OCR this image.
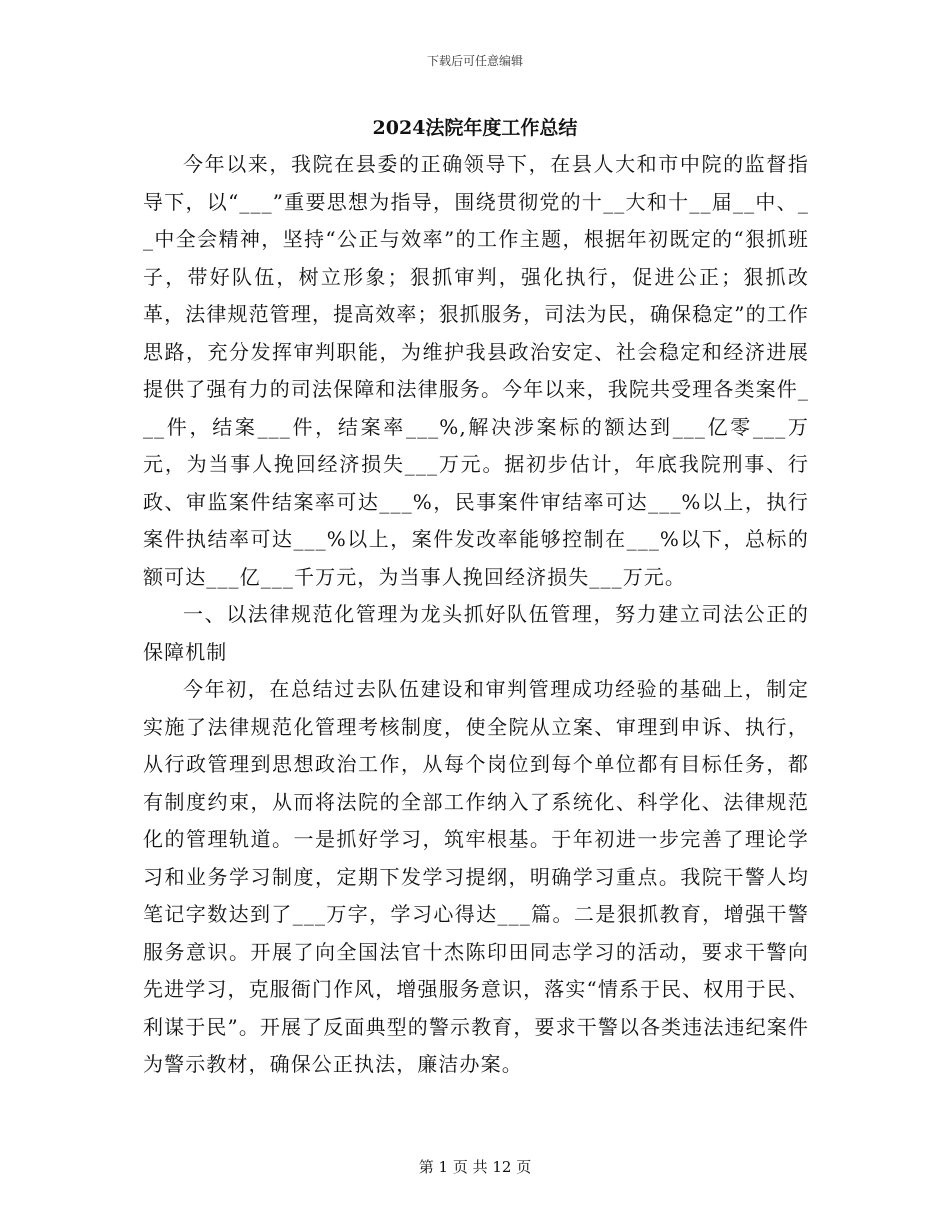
下载后可任意编辑
2024法院年度工作总结

今年以来，我院在县委的正确领导下，在县人大和市中院的监督指导下，以“___”重要思想为指导，围绕贯彻党的十__大和十__届__中、__中全会精神，坚持“公正与效率”的工作主题，根据年初既定的“狠抓班子，带好队伍，树立形象；狠抓审判，强化执行，促进公正；狠抓改革，法律规范管理，提高效率；狠抓服务，司法为民，确保稳定”的工作思路，充分发挥审判职能，为维护我县政治安定、社会稳定和经济进展提供了强有力的司法保障和法律服务。今年以来，我院共受理各类案件___件，结案___件，结案率___%,解决涉案标的额达到___亿零___万元，为当事人挽回经济损失___万元。据初步估计，年底我院刑事、行政、审监案件结案率可达___%，民事案件审结率可达___%以上，执行案件执结率可达___%以上，案件发改率能够控制在___%以下，总标的额可达___亿___千万元，为当事人挽回经济损失___万元。

一、以法律规范化管理为龙头抓好队伍管理，努力建立司法公正的保障机制

今年初，在总结过去队伍建设和审判管理成功经验的基础上，制定实施了法律规范化管理考核制度，使全院从立案、审理到申诉、执行，从行政管理到思想政治工作，从每个岗位到每个单位都有目标任务，都有制度约束，从而将法院的全部工作纳入了系统化、科学化、法律规范化的管理轨道。一是抓好学习，筑牢根基。于年初进一步完善了理论学习和业务学习制度，定期下发学习提纲，明确学习重点。我院干警人均笔记字数达到了___万字，学习心得达___篇。二是狠抓教育，增强干警服务意识。开展了向全国法官十杰陈印田同志学习的活动，要求干警向先进学习，克服衙门作风，增强服务意识，落实“情系于民、权用于民、利谋于民”。开展了反面典型的警示教育，要求干警以各类违法违纪案件为警示教材，确保公正执法，廉洁办案。

第 1 页 共 12 页
